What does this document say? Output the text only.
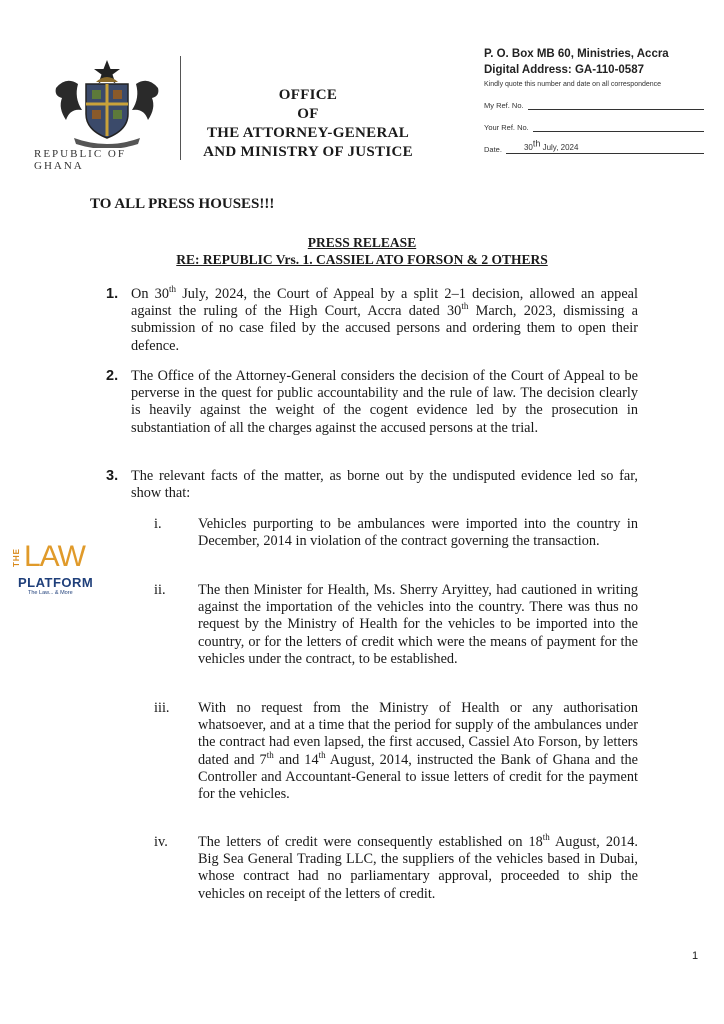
REPUBLIC OF GHANA
OFFICE
OF
THE ATTORNEY-GENERAL
AND MINISTRY OF JUSTICE
P. O. Box MB 60, Ministries, Accra
Digital Address: GA-110-0587
Kindly quote this number and date on all correspondence
My Ref. No.
Your Ref. No.
Date.	30th July, 2024
TO ALL PRESS HOUSES!!!
PRESS RELEASE
RE: REPUBLIC Vrs. 1. CASSIEL ATO FORSON & 2 OTHERS
1. On 30th July, 2024, the Court of Appeal by a split 2–1 decision, allowed an appeal against the ruling of the High Court, Accra dated 30th March, 2023, dismissing a submission of no case filed by the accused persons and ordering them to open their defence.
2. The Office of the Attorney-General considers the decision of the Court of Appeal to be perverse in the quest for public accountability and the rule of law. The decision clearly is heavily against the weight of the cogent evidence led by the prosecution in substantiation of all the charges against the accused persons at the trial.
3. The relevant facts of the matter, as borne out by the undisputed evidence led so far, show that:
i.	Vehicles purporting to be ambulances were imported into the country in December, 2014 in violation of the contract governing the transaction.
ii. The then Minister for Health, Ms. Sherry Aryittey, had cautioned in writing against the importation of the vehicles into the country. There was thus no request by the Ministry of Health for the vehicles to be imported into the country, or for the letters of credit which were the means of payment for the vehicles under the contract, to be established.
iii. With no request from the Ministry of Health or any authorisation whatsoever, and at a time that the period for supply of the ambulances under the contract had even lapsed, the first accused, Cassiel Ato Forson, by letters dated and 7th and 14th August, 2014, instructed the Bank of Ghana and the Controller and Accountant-General to issue letters of credit for the payment for the vehicles.
iv. The letters of credit were consequently established on 18th August, 2014. Big Sea General Trading LLC, the suppliers of the vehicles based in Dubai, whose contract had no parliamentary approval, proceeded to ship the vehicles on receipt of the letters of credit.
THE LAW
PLATFORM
The Law... & More
1
